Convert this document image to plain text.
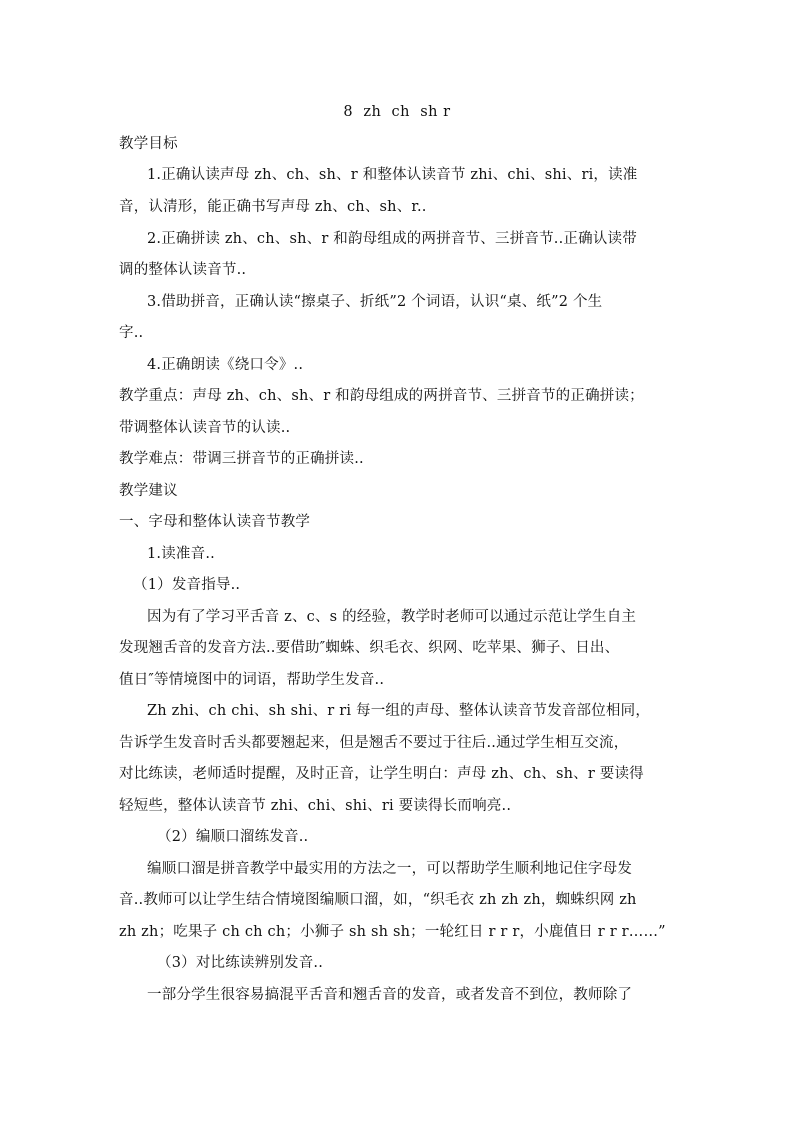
8  zh  ch  sh r
教学目标
1.正确认读声母 zh、ch、sh、r 和整体认读音节 zhi、chi、shi、ri，读准
音，认清形，能正确书写声母 zh、ch、sh、r..
2.正确拼读 zh、ch、sh、r 和韵母组成的两拼音节、三拼音节..正确认读带
调的整体认读音节..
3.借助拼音，正确认读“擦桌子、折纸”2 个词语，认识“桌、纸”2 个生
字..
4.正确朗读《绕口令》..
教学重点：声母 zh、ch、sh、r 和韵母组成的两拼音节、三拼音节的正确拼读；
带调整体认读音节的认读..
教学难点：带调三拼音节的正确拼读..
教学建议
一、字母和整体认读音节教学
1.读准音..
（1）发音指导..
因为有了学习平舌音 z、c、s 的经验，教学时老师可以通过示范让学生自主
发现翘舌音的发音方法..要借助″蜘蛛、织毛衣、织网、吃苹果、狮子、日出、
值日″等情境图中的词语，帮助学生发音..
Zh zhi、ch chi、sh shi、r ri 每一组的声母、整体认读音节发音部位相同，
告诉学生发音时舌头都要翘起来，但是翘舌不要过于往后..通过学生相互交流，
对比练读，老师适时提醒，及时正音，让学生明白：声母 zh、ch、sh、r 要读得
轻短些，整体认读音节 zhi、chi、shi、ri 要读得长而响亮..
（2）编顺口溜练发音..
编顺口溜是拼音教学中最实用的方法之一，可以帮助学生顺利地记住字母发
音..教师可以让学生结合情境图编顺口溜，如，“织毛衣 zh zh zh，蜘蛛织网 zh
zh zh；吃果子 ch ch ch；小狮子 sh sh sh；一轮红日 r r r，小鹿值日 r r r……”
（3）对比练读辨别发音..
一部分学生很容易搞混平舌音和翘舌音的发音，或者发音不到位，教师除了
